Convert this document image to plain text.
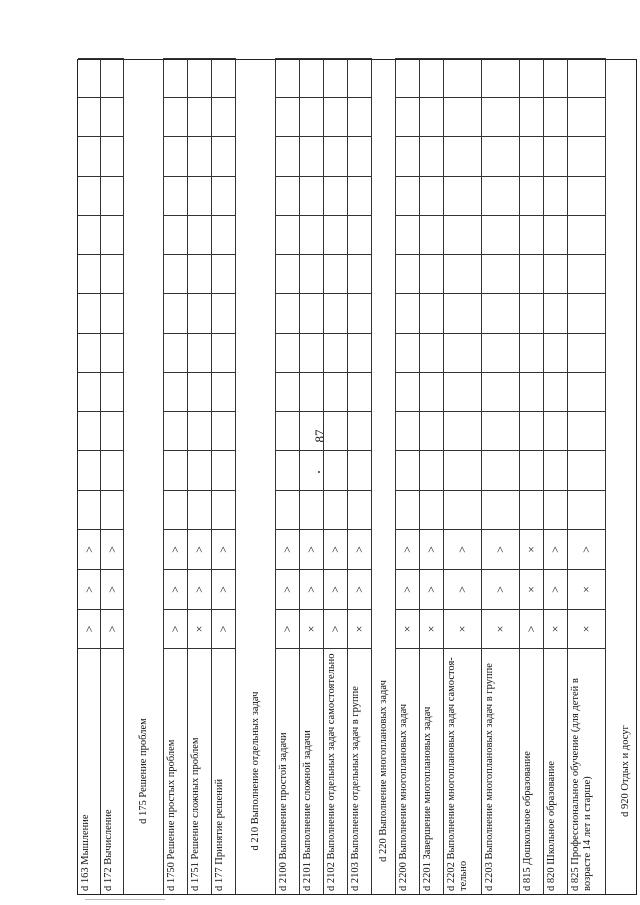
87
d 163 Мышление
>
>
>
d 172 Вычисление
>
>
>
d 175 Решение проблем	d 1750 Решение простых проблем
>
>
>
d 1751 Решение сложных проблем
×
>
>
d 177 Принятие решений
>
>
>
d 210 Выполнение отдельных задач	d 2100 Выполнение простой задачи
>
>
>
d 2101 Выполнение сложной задачи
×
>
>
d 2102 Выполнение отдельных задач самостоятельно
>
>
>
d 2103 Выполнение отдельных задач в группе
×
>
>
d 220 Выполнение многоплановых задач d 2200 Выполнение многоплановых задач
×
>
>
d 2201 Завершение многоплановых задач
×
>
>
d 2202 Выполнение многоплановых задач самостоя-тельно
×
>
>
d 2203 Выполнение многоплановых задач в группе
×
>
>
d 815 Дошкольное образование
>
×
×
d 820 Школьное образование
×
>
>
d 825 Профессиональное обучение (для детей в возрасте 14 лет и старше)
×
×
>
d 920 Отдых и досуг
